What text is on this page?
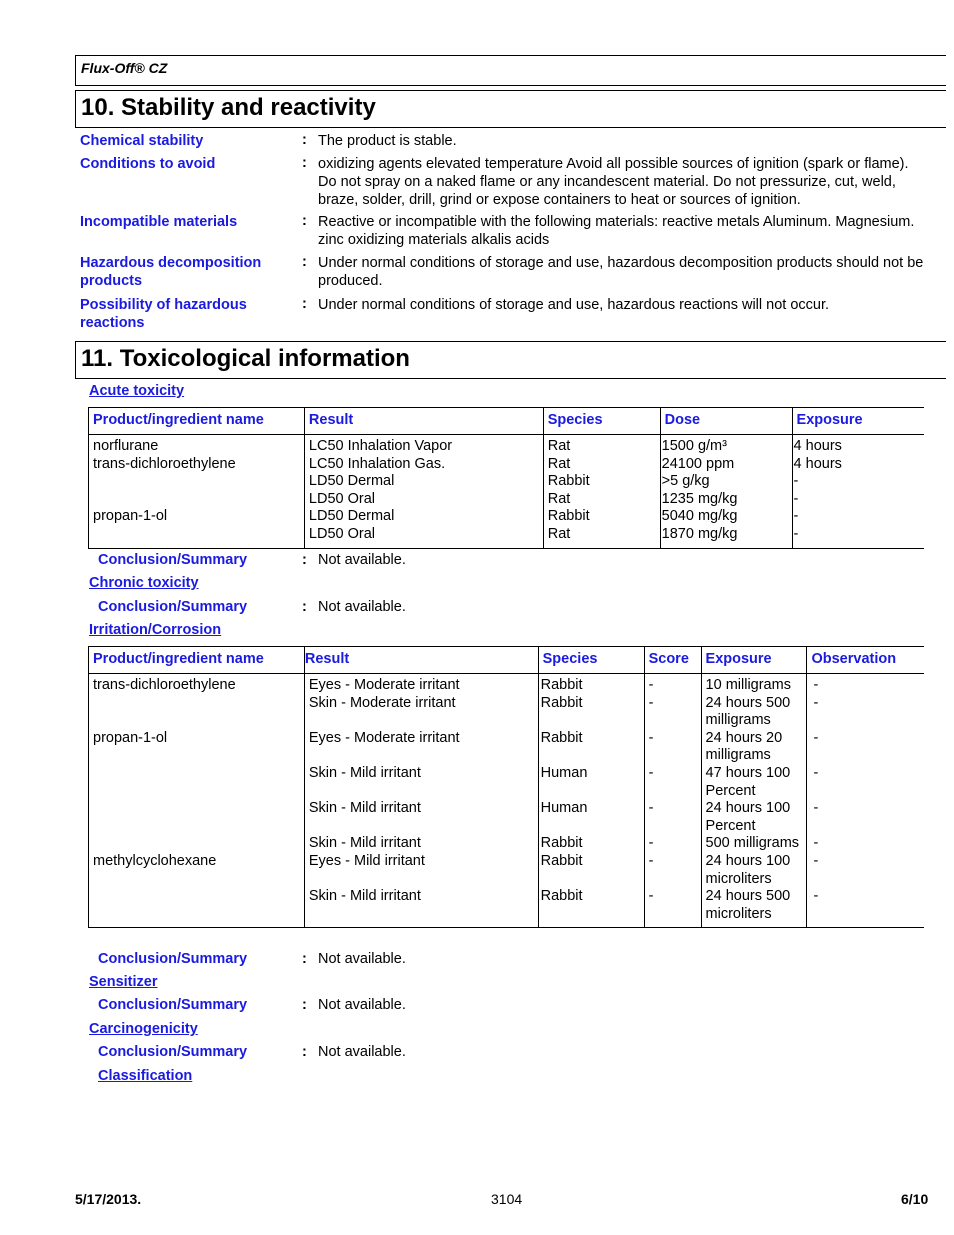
Flux-Off® CZ
10. Stability and reactivity
Chemical stability	: The product is stable.
Conditions to avoid	: oxidizing agents elevated temperature Avoid all possible sources of ignition (spark or flame). Do not spray on a naked flame or any incandescent material. Do not pressurize, cut, weld, braze, solder, drill, grind or expose containers to heat or sources of ignition.
Incompatible materials	: Reactive or incompatible with the following materials: reactive metals Aluminum. Magnesium. zinc oxidizing materials alkalis acids
Hazardous decomposition products
: Under normal conditions of storage and use, hazardous decomposition products should not be produced.
Possibility of hazardous reactions
: Under normal conditions of storage and use, hazardous reactions will not occur.
11. Toxicological information
Acute toxicity
Product/ingredient name	Result	Species	Dose	Exposure
norflurane	LC50 Inhalation Vapor	Rat	1500 g/m³	4 hours
trans-dichloroethylene	LC50 Inhalation Gas.	Rat	24100 ppm	4 hours
	LD50 Dermal	Rabbit	>5 g/kg	-
	LD50 Oral	Rat	1235 mg/kg	-
propan-1-ol	LD50 Dermal	Rabbit	5040 mg/kg	-
	LD50 Oral	Rat	1870 mg/kg	-
Conclusion/Summary	: Not available.
Chronic toxicity
Conclusion/Summary	: Not available.
Irritation/Corrosion
Product/ingredient name	Result	Species	Score	Exposure	Observation
trans-dichloroethylene	Eyes - Moderate irritant	Rabbit	-	10 milligrams	-
	Skin - Moderate irritant	Rabbit	-	24 hours 500 milligrams	-
propan-1-ol	Eyes - Moderate irritant	Rabbit	-	24 hours 20 milligrams	-
	Skin - Mild irritant	Human	-	47 hours 100 Percent	-
	Skin - Mild irritant	Human	-	24 hours 100 Percent	-
	Skin - Mild irritant	Rabbit	-	500 milligrams	-
methylcyclohexane	Eyes - Mild irritant	Rabbit	-	24 hours 100 microliters	-
	Skin - Mild irritant	Rabbit	-	24 hours 500 microliters	-
Conclusion/Summary	: Not available.
Sensitizer
Conclusion/Summary	: Not available.
Carcinogenicity
Conclusion/Summary	: Not available.
Classification
5/17/2013.	3104	6/10
